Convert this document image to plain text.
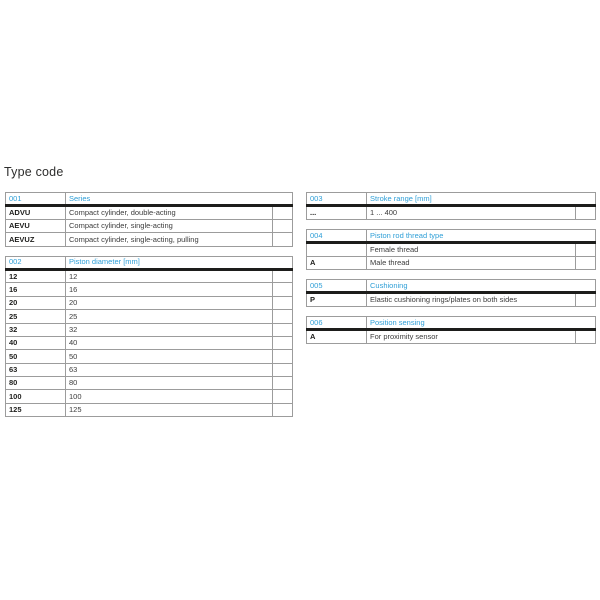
Type code
001	Series	
ADVU	Compact cylinder, double-acting	
AEVU	Compact cylinder, single-acting	
AEVUZ	Compact cylinder, single-acting, pulling	
002	Piston diameter [mm]	
12	12	
16	16	
20	20	
25	25	
32	32	
40	40	
50	50	
63	63	
80	80	
100	100	
125	125	
003	Stroke range [mm]	
...	1 ... 400	
004	Piston rod thread type	
	Female thread	
A	Male thread	
005	Cushioning	
P	Elastic cushioning rings/plates on both sides	
006	Position sensing	
A	For proximity sensor	
